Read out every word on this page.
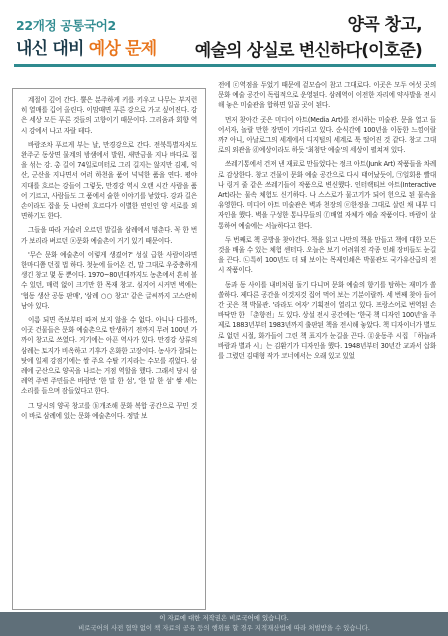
22개정 공통국어2
내신 대비 예상 문제
양곡 창고,
예술의 상실로 변신하다(이호준)

계절이 깊어 간다. 뿔은 분주하게 키를 키우고 나무는 부지런히 열매를 깁어 올린다. 이맘때면 푸른 강으로 가고 싶어진다. 강은 세상 모든 푸른 것들의 고향이기 때문이다. 그리움과 회향 역시 강에서 나고 자랄 테다.

바람조차 푸르게 부는 날, 만경강으로 간다. 전북특별자치도 완주군 동상면 물계의 밤샘에서 발원, 새만금을 지나 바다로 접을 섞는 강. 총 길이 74일로미터로 그리 길지는 않지만 김제, 익산, 군산을 지나면서 여러 하천을 품어 넉넉한 품을 연다. 평야 지대를 흐르는 강들이 그렇듯, 만경강 역시 오랜 시간 사람을 품어 기르고, 사람들도 그 품에서 숱한 이야기를 낳았다. 강과 길은 손이라도 잡을 듯 나란히 흐르다가 이별한 연인인 양 서로를 외면하기도 한다.

그들을 따라 거슬러 오르던 발길을 삼례에서 멈춘다. 꼭 한 번 가 보리라 벼르던 ⓐ문화 예술촌이 거기 있기 때문이다.

'무슨 문화 예술촌이 이렇게 생겼어?' 성실 급한 사람이라면 한마디쯤 던질 법 하다. 첫눈에 들어온 건, 말 그대로 우중충하게 생긴 창고 몇 동 뿐이다. 1970~80년대까지도 농촌에서 흔히 볼 수 있던, 매력 없이 크기만 한 목재 창고. 심지어 시커먼 벽에는 '협동 생산 공동 판매', '삼례 ○○ 창고' 같은 글씨까지 고스란히 남아 있다.

이름 되면 족보부터 따져 보지 않을 수 없다. 아니나 다를까, 이곳 건물들은 문화 예술촌으로 탄생하기 전까지 무려 100년 가까이 창고로 쓰였다. 거기에는 아픈 역사가 있다. 만경강 상류의 삼례는 토지가 비옥하고 기후가 온화한 고장이다. 농사가 잘되는 탓에 일제 강점기에는 쌀 주요 수탈 기지라는 수모를 겪었다. 삼례에 군산으로 양곡을 나르는 거점 역할을 했다. 그래서 당시 삼례역 주변 주민들은 바람만 '한 말 한 섬', '한 말 한 섬' 쌓 세는 소리를 들으며 잠들었다고 한다.

그 당시의 양곡 창고를 ⓑ개조해 문화 복합 공간으로 꾸민 것이 바로 삼례에 있는 문화 예술촌이다. 정말 보

전에 ⓒ역점을 두었기 때문에 겉모습이 참고 그대로다. 이곳은 모두 여섯 곳의 문화 예술 공간이 독립적으로 운영된다. 삼례역이 이전한 자리에 약사발을 전시해 놓은 미술관을 합하면 일곱 곳이 된다.

먼저 찾아간 곳은 미디어 아트(Media Art)를 전시하는 미술관. 문을 열고 들어서자, 놀랄 만한 장면이 기다리고 있다. 순식간에 100년을 이동한 느낌이랄까? 아니, 아날로그의 세계에서 디지털의 세계로 툭 떨어진 것 같다. 창고 그대로의 외관을 ⓓ예상이라도 하듯 '최첨단 예술'의 세상이 펼쳐져 있다.

쓰레기통에서 건져 낸 재료로 만들었다는 정크 아트(Junk Art) 작품들을 차례로 감상한다. 창고 건물이 문화 예술 공간으로 다시 태어났듯이, ㉠일회용 빨대나 링거 줄 같은 쓰레기들이 작품으로 변신했다. 인터랙티브 아트(Interactive Art)라는 물속 체험도 신기하다. 나 스스로가 물고기가 되어 헌으로 된 물속을 유영한다. 미디어 아트 미술관은 벽과 천장의 ⓔ한정을 그대로 살린 채 내부 디자인을 했다. 벽을 구성한 통나무들의 ⓕ배열 자체가 예술 작품이다. 바람이 살 통하여 예술에는 서늘하다고 한다.

두 번째로 책 공방을 찾아간다. 책을 읽고 나만의 책을 만들고 책에 대한 모든 것을 배울 수 있는 체험 센터다. 오늘은 보기 어려워진 각종 인쇄 장비들도 눈길을 끈다. ㉡특히 100년도 더 돼 보이는 목제인쇄은 박물관도 국가유산급의 전시 작품이다.

동과 동 사이를 내비처럼 돌기 다니며 문화 예술의 향기를 탐하는 재미가 쏠쏠하다. 제다른 공간을 이것저것 집어 먹어 보는 기분이랄까. 세 번째 찾아 들어간 곳은 책 박물관. '라라도 여자' 기획전이 열리고 있다. 프랑스어로 번역된 손바닥만 한 「춘향전」도 있다. 상설 전시 공간에는 '한국 책 디자인 100년'을 주제로 1883년부터 1983년까지 출판된 책을 전시해 놓았다. 책 디자이너가 별도로 없던 시절, 화가들이 그린 책 표지가 눈길을 끈다. ⓖ윤동주 시집 「하늘과 바람과 별과 시」는 김환기가 디자인을 했다. 1948년부터 30년간 교과서 삽화를 그렸던 김태형 작가 코너에서는 오래 있고 있었

이 자료에 대한 저작권은 비로국어에 있습니다.
비로국어의 사전 협약 없이 책 자료의 공유 등의 행위를 할 경우 지적재산법에 따라 처벌받을 수 있습니다.
